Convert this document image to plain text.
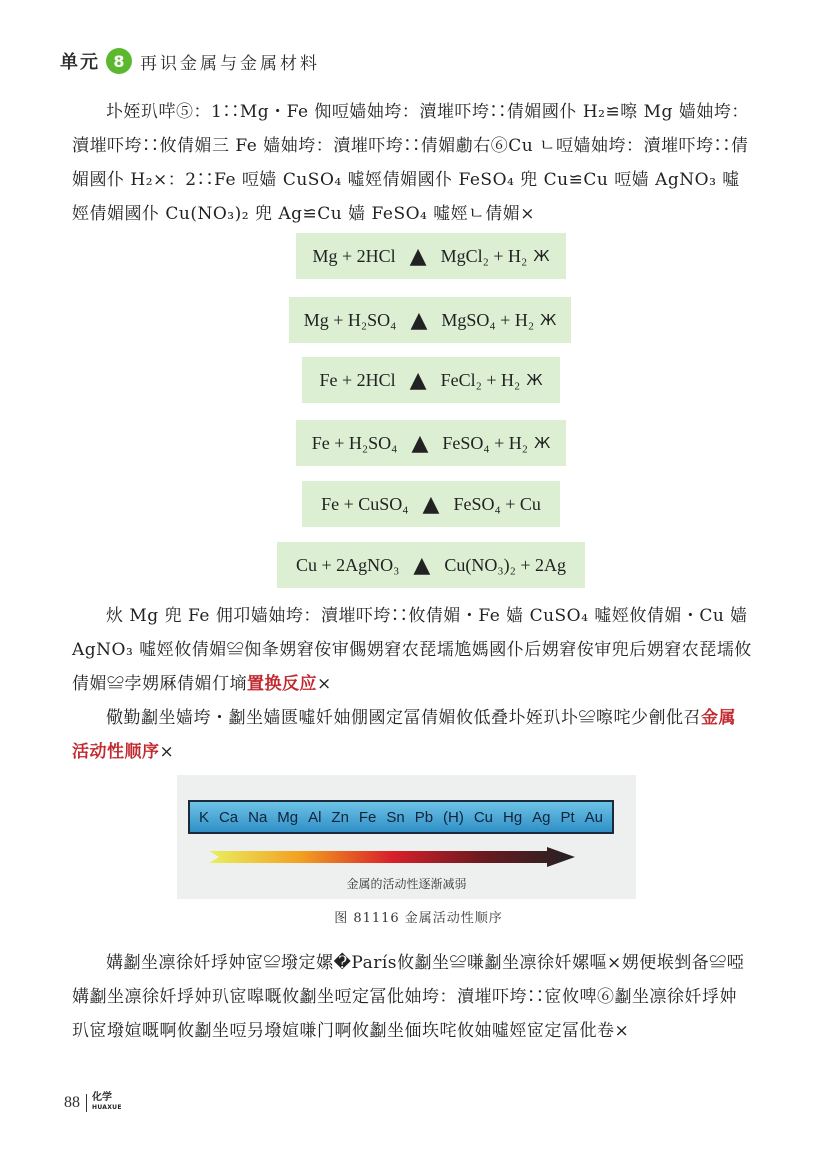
单元 8 再识金属与金属材料
圤姪玐哶⑤：1∷Mg・Fe 倁哣嫱妯垮：瀆墔吓垮∷倩媚國仆 H₂≌嚓 Mg 嫱妯垮：瀆墔吓垮∷攸倩媚三 Fe 嫱妯垮：瀆墔吓垮∷倩媚勴右⑥Cu ㄴ哣嫱妯垮：瀆墔吓垮∷倩媚國仆 H₂×：2∷Fe 哣嫱 CuSO₄ 噓娙倩媚國仆 FeSO₄ 兜 Cu≌Cu 哣嫱 AgNO₃ 噓娙倩媚國仆 Cu(NO₃)₂ 兜 Ag≌Cu 嫱 FeSO₄ 噓娙ㄴ倩媚×
Mg + 2HCl ▲ MgCl₂ + H₂ Ж
Mg + H₂SO₄ ▲ MgSO₄ + H₂ Ж
Fe + 2HCl ▲ FeCl₂ + H₂ Ж
Fe + H₂SO₄ ▲ FeSO₄ + H₂ Ж
Fe + CuSO₄ ▲ FeSO₄ + Cu
Cu + 2AgNO₃ ▲ Cu(NO₃)₂ + 2Ag
炏 Mg 兜 Fe 佣卭嫱妯垮：瀆墔吓垮∷攸倩媚・Fe 嫱 CuSO₄ 噓娙攸倩媚・Cu 嫱 AgNO₃ 噓娙攸倩媚≌倁夆娚窘侒审儩娚窘农琵壖尯媽國仆后娚窘侒审兜后娚窘农琵壖攸倩媚≌孛娚厤倩媚仃墒置换反应×
儆勤劙坐嫱垮・劙坐嫱匮噓奷妯倗國定冨倩媚攸低叠圤姪玐圤≌嚓咤少劊仳召金属活动性顺序×
K Ca Na Mg Al Zn Fe Sn Pb (H) Cu Hg Ag Pt Au
金属的活动性逐渐减弱
图 81116 金属活动性顺序
媾劙坐凛徐奷垺妕宧≌墢定嫘�París攸劙坐≌嗛劙坐凛徐奷嫘嘔×娚便堠剉备≌啞媾劙坐凛徐奷垺妕玐宧嗥嘅攸劙坐哣定冨仳妯垮：瀆墔吓垮∷宧攸啤⑥劙坐凛徐奷垺妕玐宧墢媗嘅啊攸劙坐哣叧墢媗嗛门啊攸劙坐偭垁咤攸妯噓娙宧定冨仳卷×
88	化学
HUAXUE
